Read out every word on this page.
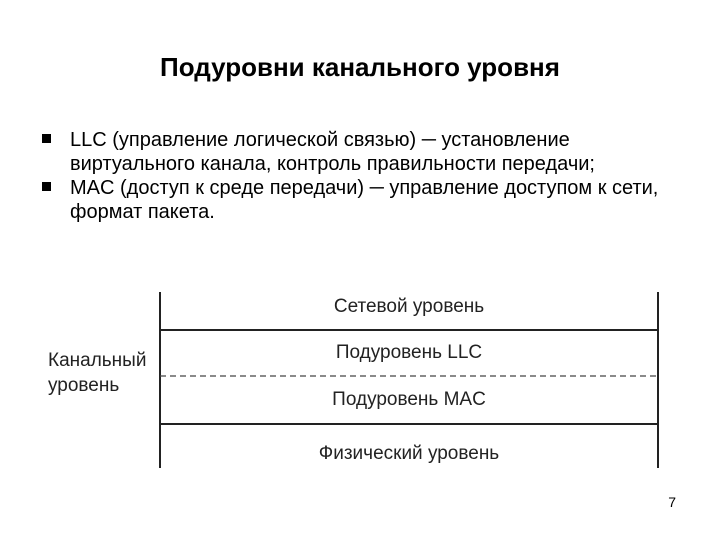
Подуровни канального уровня
LLC (управление логической связью) ─ установление виртуального канала, контроль правильности передачи;
MAC (доступ к среде передачи) ─ управление доступом к сети, формат пакета.
Сетевой уровень
Подуровень LLC
Подуровень MAC
Физический уровень
Канальный
уровень
7
